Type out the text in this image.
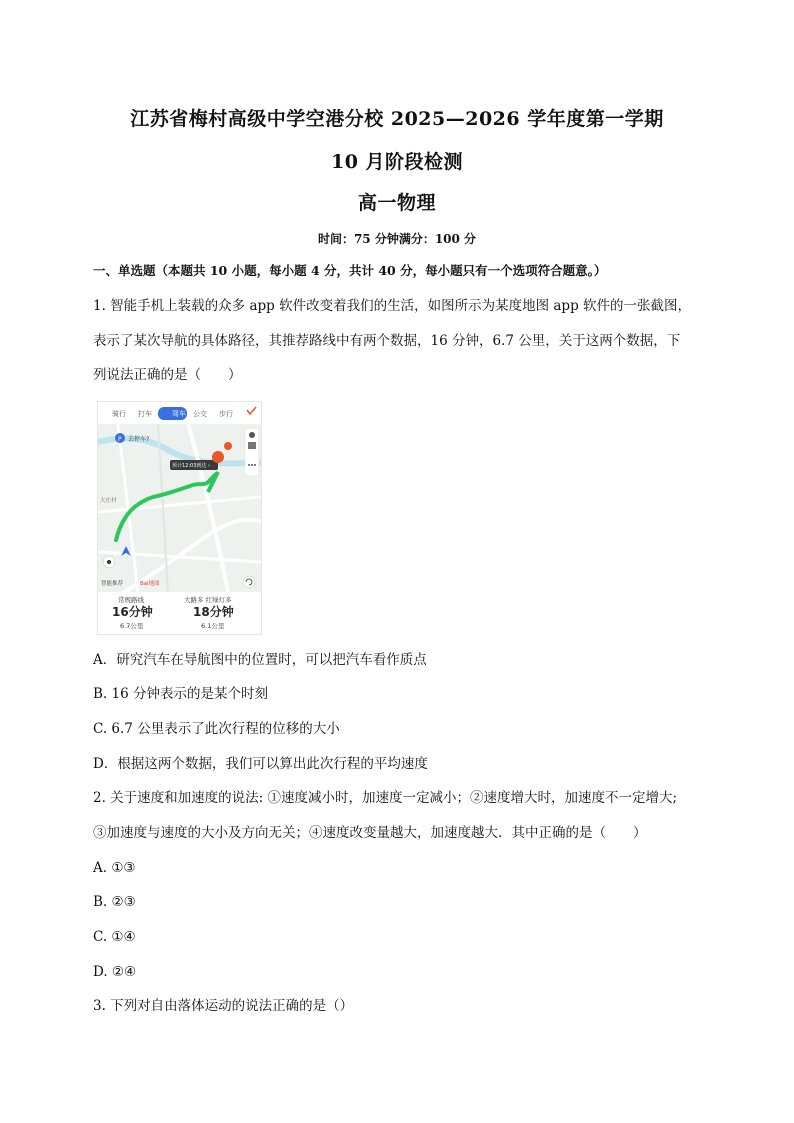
江苏省梅村高级中学空港分校 2025—2026 学年度第一学期
10 月阶段检测
高一物理
时间：75 分钟满分：100 分
一、单选题（本题共 10 小题，每小题 4 分，共计 40 分，每小题只有一个选项符合题意。）
1. 智能手机上装载的众多 app 软件改变着我们的生活，如图所示为某度地图 app 软件的一张截图，
表示了某次导航的具体路径，其推荐路线中有两个数据，16 分钟，6.7 公里，关于这两个数据，下
列说法正确的是（　　）
骑行 打车	驾车 公交 步行
预计12:03到达 ›
P 去停车?
大庄村
智能推荐	Bai地图
常规路线
16分钟
6.7公里
大路多 红绿灯多
18分钟
6.1公里
A．研究汽车在导航图中的位置时，可以把汽车看作质点
B. 16 分钟表示的是某个时刻
C. 6.7 公里表示了此次行程的位移的大小
D．根据这两个数据，我们可以算出此次行程的平均速度
2. 关于速度和加速度的说法: ①速度减小时，加速度一定减小；②速度增大时，加速度不一定增大;
③加速度与速度的大小及方向无关；④速度改变量越大，加速度越大．其中正确的是（　　）
A. ①③
B. ②③
C. ①④
D. ②④
3. 下列对自由落体运动的说法正确的是（）
